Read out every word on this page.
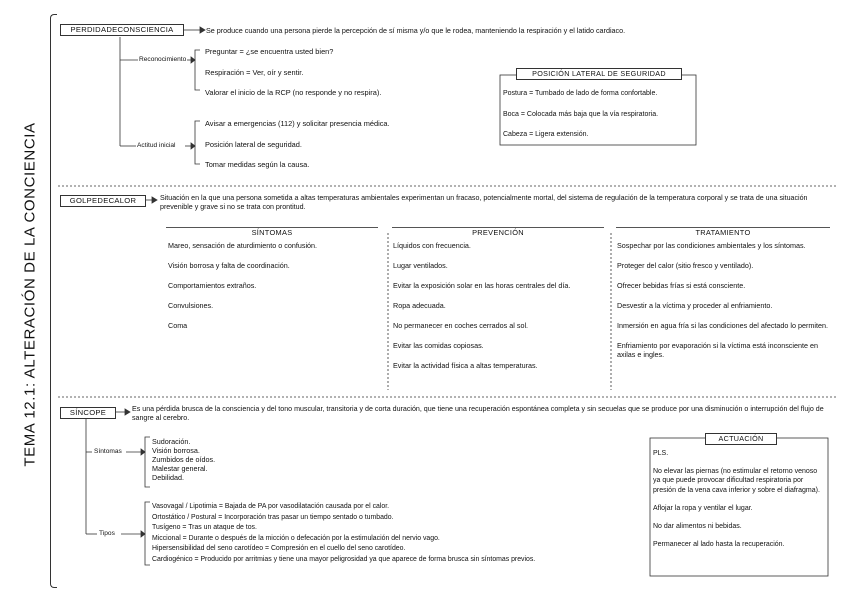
TEMA 12.1: ALTERACIÓN DE LA CONCIENCIA
PERDIDADECONSCIENCIA	Se produce cuando una persona pierde la percepción de sí misma y/o que le rodea, manteniendo la respiración y el latido cardiaco.
Reconocimiento
Preguntar = ¿se encuentra usted bien?
Respiración = Ver, oír y sentir.
Valorar el inicio de la RCP (no responde y no respira).
Actitud inicial
Avisar a emergencias (112) y solicitar presencia médica.
Posición lateral de seguridad.
Tomar medidas según la causa.
POSICIÓN LATERAL DE SEGURIDAD
Postura = Tumbado de lado de forma confortable.
Boca = Colocada más baja que la vía respiratoria.
Cabeza = Ligera extensión.
GOLPEDECALOR	Situación en la que una persona sometida a altas temperaturas ambientales experimentan un fracaso, potencialmente mortal, del sistema de regulación de la temperatura corporal y se trata de una situación prevenible y grave si no se trata con prontitud.
SÍNTOMAS
Mareo, sensación de aturdimiento o confusión.
Visión borrosa y falta de coordinación.
Comportamientos extraños.
Convulsiones.
Coma
PREVENCIÓN
Líquidos con frecuencia.
Lugar ventilados.
Evitar la exposición solar en las horas centrales del día.
Ropa adecuada.
No permanecer en coches cerrados al sol.
Evitar las comidas copiosas.
Evitar la actividad física a altas temperaturas.
TRATAMIENTO
Sospechar por las condiciones ambientales y los síntomas.
Proteger del calor (sitio fresco y ventilado).
Ofrecer bebidas frías si está consciente.
Desvestir a la víctima y proceder al enfriamiento.
Inmersión en agua fría si las condiciones del afectado lo permiten.
Enfriamiento por evaporación si la víctima está inconsciente en axilas e ingles.
SÍNCOPE	Es una pérdida brusca de la consciencia y del tono muscular, transitoria y de corta duración, que tiene una recuperación espontánea completa y sin secuelas que se produce por una disminución o interrupción del flujo de sangre al cerebro.
Síntomas
Sudoración.
Visión borrosa.
Zumbidos de oídos.
Malestar general.
Debilidad.
Tipos
Vasovagal / Lipotimia = Bajada de PA por vasodilatación causada por el calor.
Ortostático / Postural = Incorporación tras pasar un tiempo sentado o tumbado.
Tusígeno = Tras un ataque de tos.
Miccional = Durante o después de la micción o defecación por la estimulación del nervio vago.
Hipersensibilidad del seno carotídeo = Compresión en el cuello del seno carotídeo.
Cardiogénico = Producido por arritmias y tiene una mayor peligrosidad ya que aparece de forma brusca sin síntomas previos.
ACTUACIÓN
PLS.
No elevar las piernas (no estimular el retorno venoso ya que puede provocar dificultad respiratoria por presión de la vena cava inferior y sobre el diafragma).
Aflojar la ropa y ventilar el lugar.
No dar alimentos ni bebidas.
Permanecer al lado hasta la recuperación.
